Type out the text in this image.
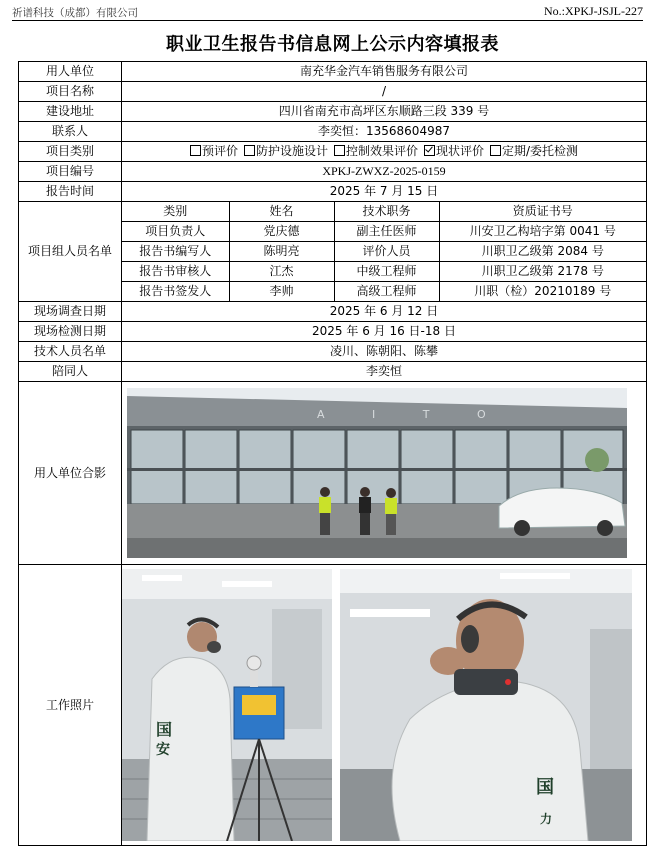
祈谱科技（成都）有限公司	No.:XPKJ-JSJL-227
职业卫生报告书信息网上公示内容填报表
用人单位	南充华金汽车销售服务有限公司
项目名称	/
建设地址	四川省南充市高坪区东顺路三段 339 号
联系人	李奕恒：13568604987
项目类别	预评价 防护设施设计 控制效果评价 现状评价 定期/委托检测
项目编号	XPKJ-ZWXZ-2025-0159
报告时间	2025 年 7 月 15 日
项目组人员名单	
类别	姓名	技术职务	资质证书号
项目负责人	党庆德	副主任医师	川安卫乙构培字第 0041 号
报告书编写人	陈明亮	评价人员	川职卫乙级第 2084 号
报告书审核人	江杰	中级工程师	川职卫乙级第 2178 号
报告书签发人	李帅	高级工程师	川职（检）20210189 号

现场调查日期	2025 年 6 月 12 日
现场检测日期	2025 年 6 月 16 日-18 日
技术人员名单	凌川、陈朝阳、陈攀
陪同人	李奕恒
用人单位合影	
A I T O

工作照片	
国
安
国
力
